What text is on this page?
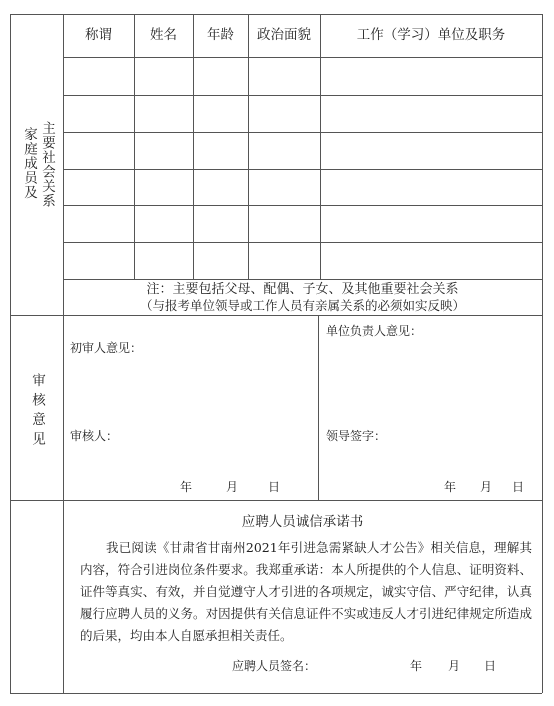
家庭成员及 主要社会关系
称谓	姓名	年龄	政治面貌	工作（学习）单位及职务
注：主要包括父母、配偶、子女、及其他重要社会关系
（与报考单位领导或工作人员有亲属关系的必须如实反映）
审核意见
初审人意见：
审核人：
年	月 日
单位负责人意见：
领导签字：
年 月 日
应聘人员诚信承诺书
我已阅读《甘肃省甘南州2021年引进急需紧缺人才公告》相关信息，理解其内容，符合引进岗位条件要求。我郑重承诺：本人所提供的个人信息、证明资料、证件等真实、有效，并自觉遵守人才引进的各项规定，诚实守信、严守纪律，认真履行应聘人员的义务。对因提供有关信息证件不实或违反人才引进纪律规定所造成的后果，均由本人自愿承担相关责任。
应聘人员签名：	年 月 日
